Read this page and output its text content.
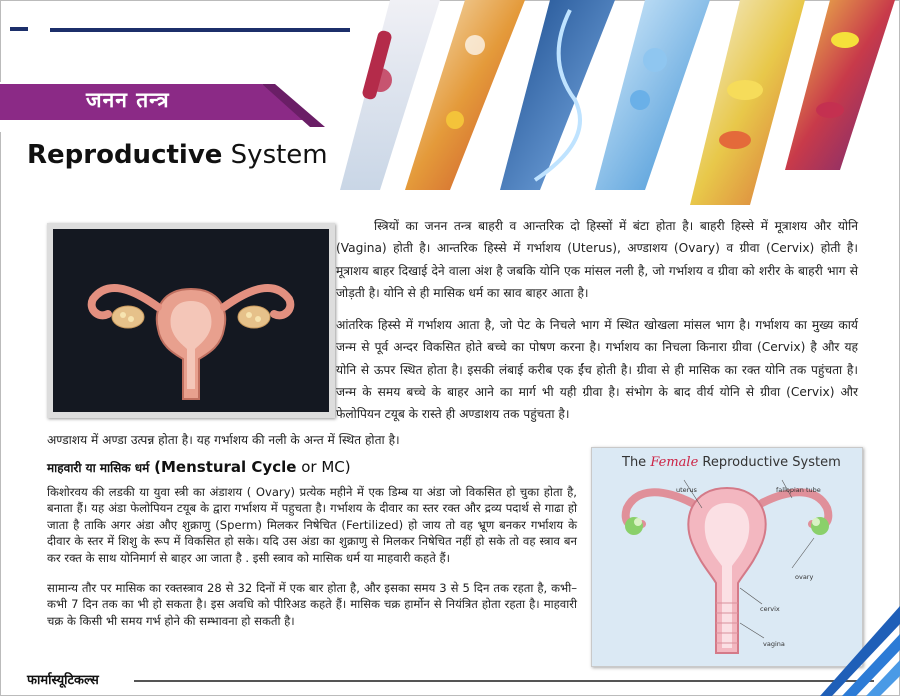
जनन तन्त्र
Reproductive System
स्त्रियों का जनन तन्त्र बाहरी व आन्तरिक दो हिस्सों में बंटा होता है। बाहरी हिस्से में मूत्राशय और योनि (Vagina) होती है। आन्तरिक हिस्से में गर्भाशय (Uterus), अण्डाशय (Ovary) व ग्रीवा (Cervix) होती है। मूत्राशय बाहर दिखाई देने वाला अंश है जबकि योनि एक मांसल नली है, जो गर्भाशय व ग्रीवा को शरीर के बाहरी भाग से जोड़ती है। योनि से ही मासिक धर्म का स्राव बाहर आता है।
आंतरिक हिस्से में गर्भाशय आता है, जो पेट के निचले भाग में स्थित खोखला मांसल भाग है। गर्भाशय का मुख्य कार्य जन्म से पूर्व अन्दर विकसित होते बच्चे का पोषण करना है। गर्भाशय का निचला किनारा ग्रीवा (Cervix) है और यह योनि से ऊपर स्थित होता है। इसकी लंबाई करीब एक ईंच होती है। ग्रीवा से ही मासिक का रक्त योनि तक पहुंचता है। जन्म के समय बच्चे के बाहर आने का मार्ग भी यही ग्रीवा है। संभोग के बाद वीर्य योनि से ग्रीवा (Cervix) और फेलोपियन टयूब के रास्ते ही अण्डाशय तक पहुंचता है।
अण्डाशय में अण्डा उत्पन्न होता है। यह गर्भाशय की नली के अन्त में स्थित होता है।
माहवारी या मासिक धर्म (Menstural Cycle or MC)
किशोरवय की लडकी या युवा स्त्री का अंडाशय ( Ovary) प्रत्येक महीने में एक डिम्ब या अंडा जो विकसित हो चुका होता है, बनाता हैं। यह अंडा फेलोपियन टयूब के द्वारा गर्भाशय में पहुचता है। गर्भाशय के दीवार का स्तर रक्त और द्रव्य पदार्थ से गाढा हो जाता है ताकि अगर अंडा औए शुक्राणु (Sperm) मिलकर निषेचित (Fertilized) हो जाय तो वह भ्रूण बनकर गर्भाशय के दीवार के स्तर में शिशु के रूप में विकसित हो सके। यदि उस अंडा का शुक्राणु से मिलकर निषेचित नहीं हो सके तो वह स्त्राव बन कर रक्त के साथ योनिमार्ग से बाहर आ जाता है . इसी स्त्राव को मासिक धर्म या माहवारी कहते हैं।
सामान्य तौर पर मासिक का रक्तस्त्राव 28 से 32 दिनों में एक बार होता है, और इसका समय 3 से 5 दिन तक रहता है, कभी–कभी 7 दिन तक का भी हो सकता है। इस अवधि को पीरिअड कहते हैं। मासिक चक्र हार्मोन से नियंत्रित होता रहता है। माहवारी चक्र के किसी भी समय गर्भ होने की सम्भावना हो सकती है।
The Female Reproductive System
uterus	fallopian tube
ovary
cervix
vagina
फार्मास्यूटिकल्स
